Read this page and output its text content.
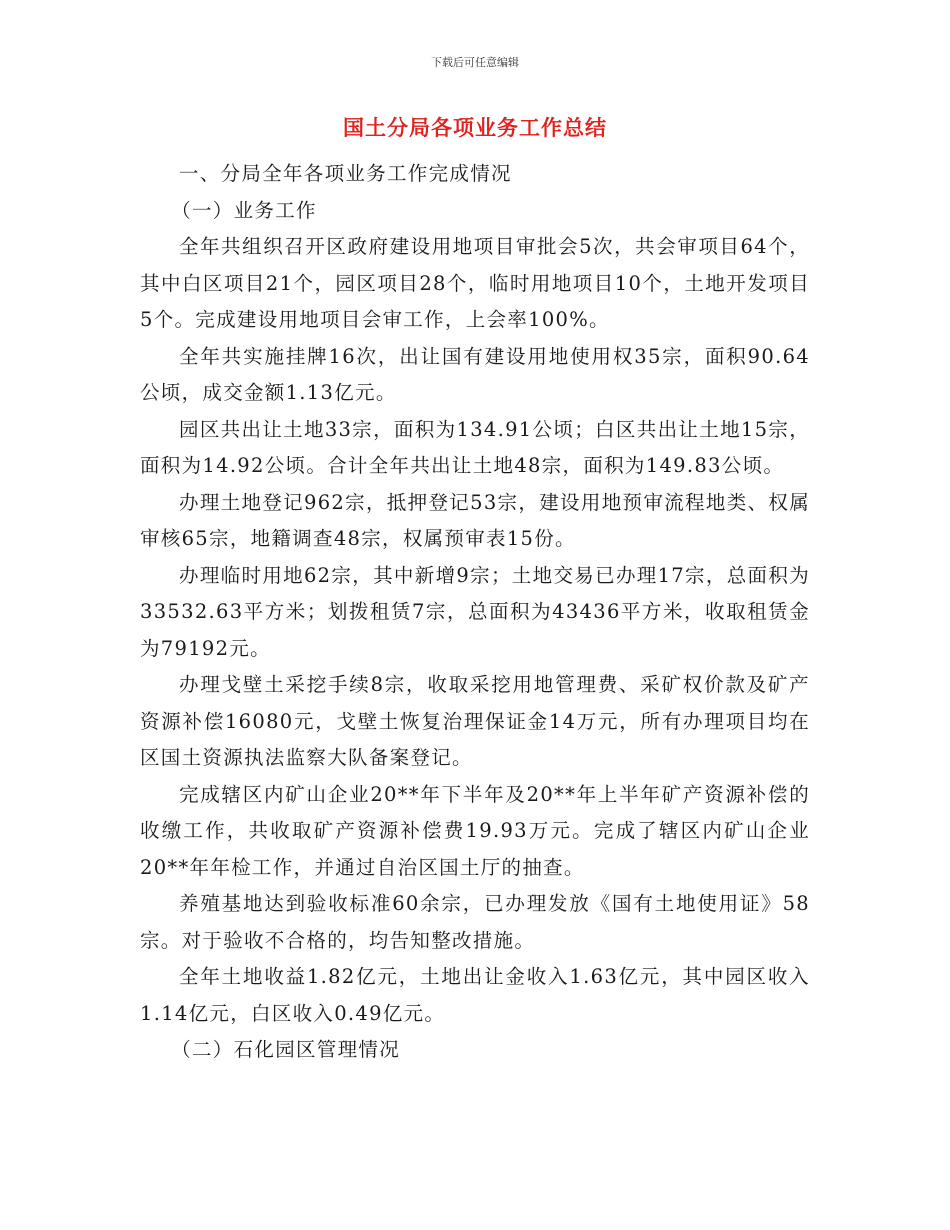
下载后可任意编辑
国土分局各项业务工作总结

一、分局全年各项业务工作完成情况

（一）业务工作

全年共组织召开区政府建设用地项目审批会5次，共会审项目64个，其中白区项目21个，园区项目28个，临时用地项目10个，土地开发项目5个。完成建设用地项目会审工作，上会率100%。

全年共实施挂牌16次，出让国有建设用地使用权35宗，面积90.64公顷，成交金额1.13亿元。

园区共出让土地33宗，面积为134.91公顷；白区共出让土地15宗，面积为14.92公顷。合计全年共出让土地48宗，面积为149.83公顷。

办理土地登记962宗，抵押登记53宗，建设用地预审流程地类、权属审核65宗，地籍调查48宗，权属预审表15份。

办理临时用地62宗，其中新增9宗；土地交易已办理17宗，总面积为33532.63平方米；划拨租赁7宗，总面积为43436平方米，收取租赁金为79192元。

办理戈壁土采挖手续8宗，收取采挖用地管理费、采矿权价款及矿产资源补偿16080元，戈壁土恢复治理保证金14万元，所有办理项目均在区国土资源执法监察大队备案登记。

完成辖区内矿山企业20**年下半年及20**年上半年矿产资源补偿的收缴工作，共收取矿产资源补偿费19.93万元。完成了辖区内矿山企业20**年年检工作，并通过自治区国土厅的抽查。

养殖基地达到验收标准60余宗，已办理发放《国有土地使用证》58宗。对于验收不合格的，均告知整改措施。

全年土地收益1.82亿元，土地出让金收入1.63亿元，其中园区收入1.14亿元，白区收入0.49亿元。

（二）石化园区管理情况
